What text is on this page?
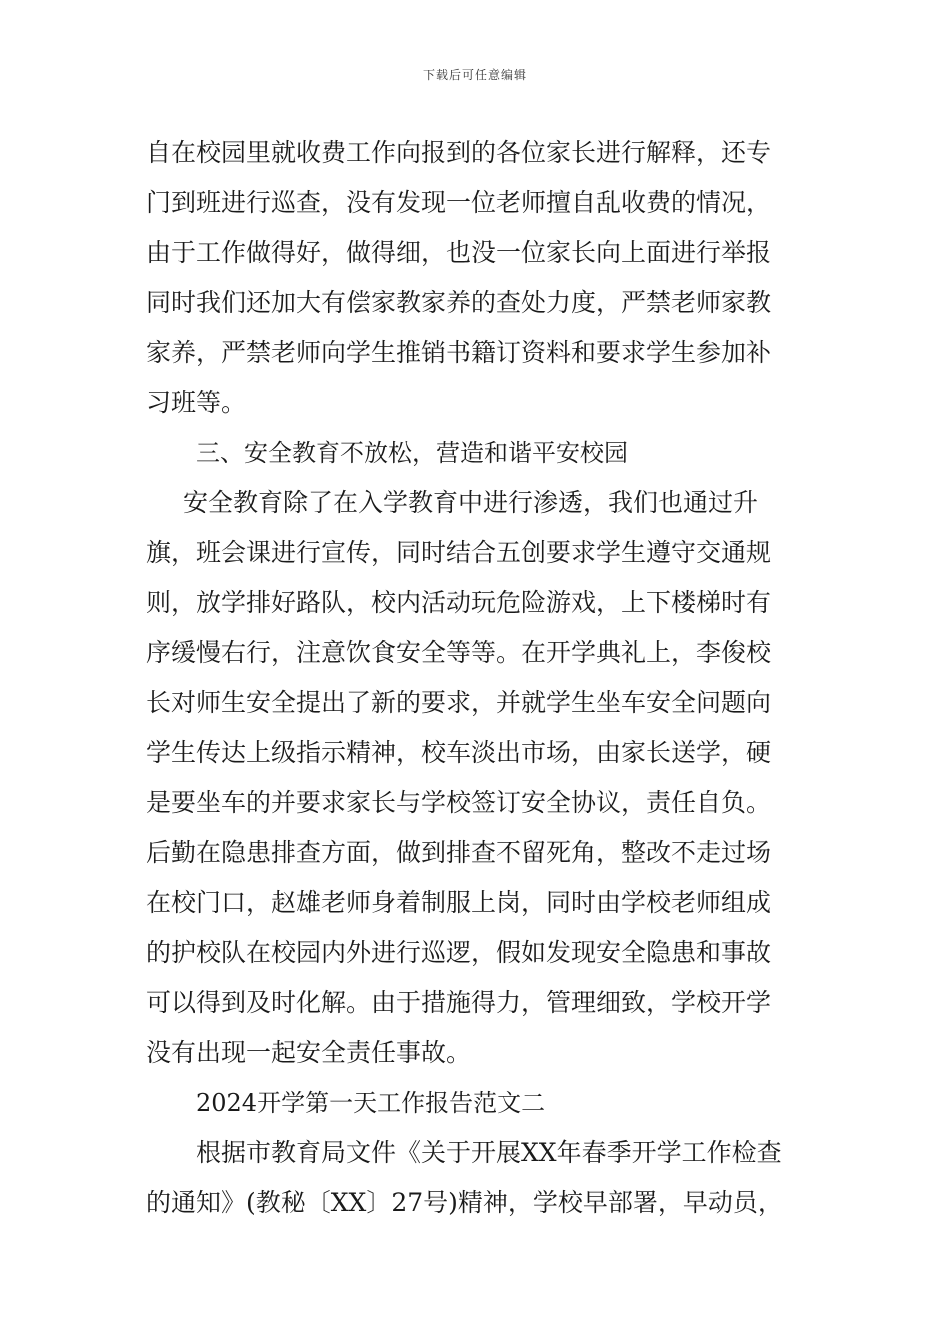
下载后可任意编辑
自在校园里就收费工作向报到的各位家长进行解释，还专
门到班进行巡查，没有发现一位老师擅自乱收费的情况，
由于工作做得好，做得细，也没一位家长向上面进行举报
同时我们还加大有偿家教家养的查处力度，严禁老师家教
家养，严禁老师向学生推销书籍订资料和要求学生参加补
习班等。
三、安全教育不放松，营造和谐平安校园
安全教育除了在入学教育中进行渗透，我们也通过升
旗，班会课进行宣传，同时结合五创要求学生遵守交通规
则，放学排好路队，校内活动玩危险游戏，上下楼梯时有
序缓慢右行，注意饮食安全等等。在开学典礼上，李俊校
长对师生安全提出了新的要求，并就学生坐车安全问题向
学生传达上级指示精神，校车淡出市场，由家长送学，硬
是要坐车的并要求家长与学校签订安全协议，责任自负。
后勤在隐患排查方面，做到排查不留死角，整改不走过场
在校门口，赵雄老师身着制服上岗，同时由学校老师组成
的护校队在校园内外进行巡逻，假如发现安全隐患和事故
可以得到及时化解。由于措施得力，管理细致，学校开学
没有出现一起安全责任事故。
2024开学第一天工作报告范文二
根据市教育局文件《关于开展XX年春季开学工作检查
的通知》(教秘〔XX〕27号)精神，学校早部署，早动员，
